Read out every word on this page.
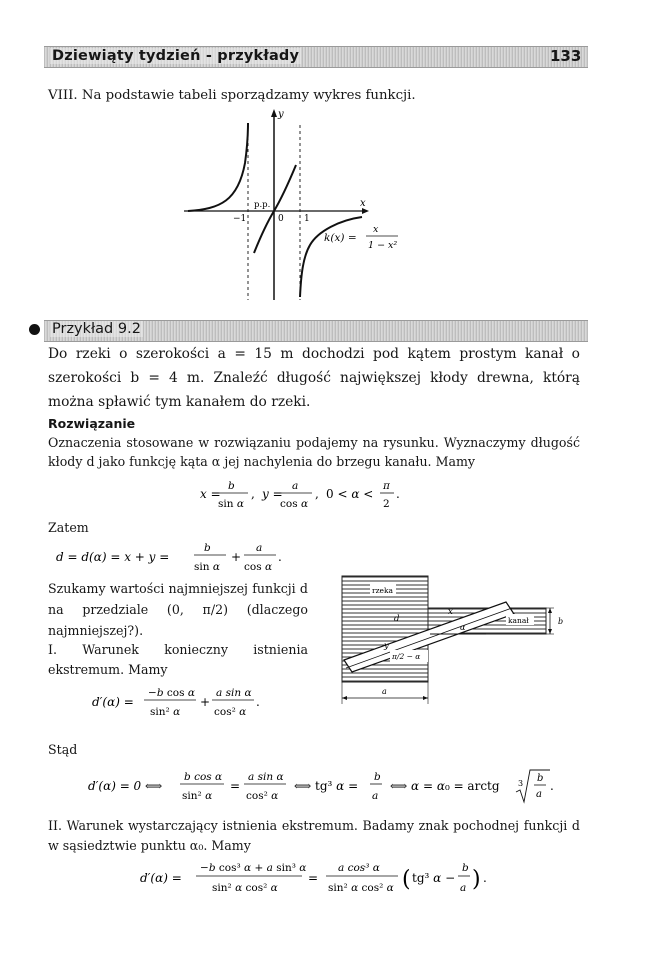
Dziewiąty tydzień - przykłady	133
VIII. Na podstawie tabeli sporządzamy wykres funkcji.
y
x
p.p.
−1	0 1
k(x) =
x
1 − x²
Przykład 9.2
Do rzeki o szerokości a = 15 m dochodzi pod kątem prostym kanał o szerokości b = 4 m. Znaleźć długość największej kłody drewna, którą można spławić tym kanałem do rzeki.
Rozwiązanie
Oznaczenia stosowane w rozwiązaniu podajemy na rysunku. Wyznaczymy długość kłody d jako funkcję kąta α jej nachylenia do brzegu kanału. Mamy
x =
b
sin α
, y =
a
cos α
, 0 < α <
π
2
.
Zatem
d = d(α) = x + y =
b
sin α
+
a
cos α
.
Szukamy wartości najmniejszej funkcji d na przedziale (0, π/2) (dlaczego najmniejszej?).
I. Warunek konieczny istnienia ekstremum. Mamy
d′(α) =
−b cos α
sin² α
+
a sin α
cos² α
.
rzeka
kanał
d
x
y
α
π/2 − α
a
b
Stąd
d′(α) = 0 ⟺
b cos α
sin² α
=
a sin α
cos² α
⟺ tg³ α =
b
a
⟺ α = α₀ = arctg 3 b
a
.
II. Warunek wystarczający istnienia ekstremum. Badamy znak pochodnej funkcji d w sąsiedztwie punktu α₀. Mamy
d′(α) =
−b cos³ α + a sin³ α
sin² α cos² α
=
a cos³ α
sin² α cos² α ( tg³ α −
b
a ) .
